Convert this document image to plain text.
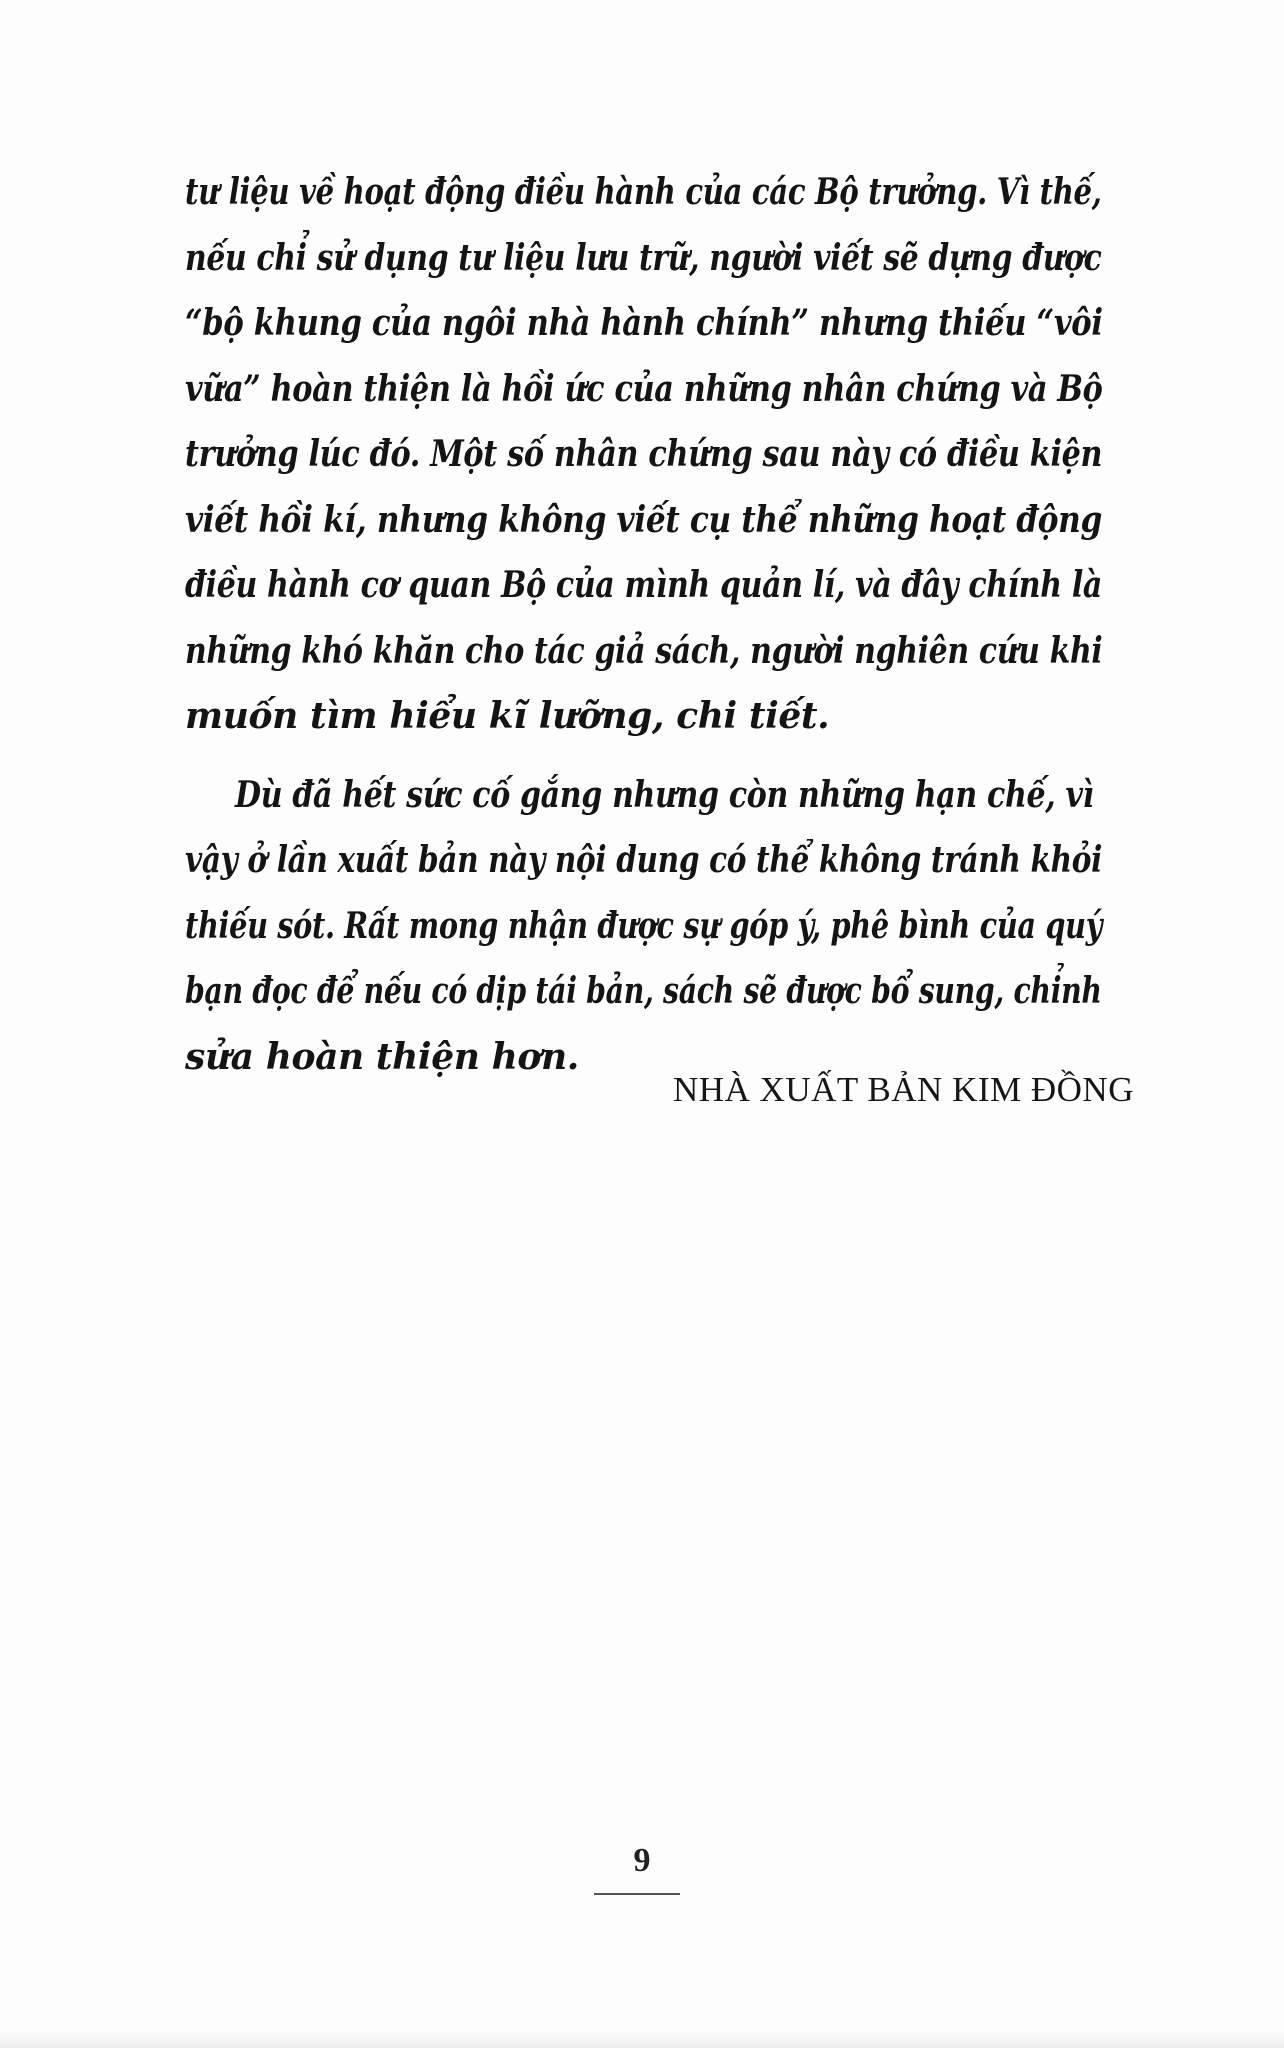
tư liệu về hoạt động điều hành của các Bộ trưởng. Vì thế,
nếu chỉ sử dụng tư liệu lưu trữ, người viết sẽ dựng được
“bộ khung của ngôi nhà hành chính” nhưng thiếu “vôi
vữa” hoàn thiện là hồi ức của những nhân chứng và Bộ
trưởng lúc đó. Một số nhân chứng sau này có điều kiện
viết hồi kí, nhưng không viết cụ thể những hoạt động
điều hành cơ quan Bộ của mình quản lí, và đây chính là
những khó khăn cho tác giả sách, người nghiên cứu khi
muốn tìm hiểu kĩ lưỡng, chi tiết.

Dù đã hết sức cố gắng nhưng còn những hạn chế, vì
vậy ở lần xuất bản này nội dung có thể không tránh khỏi
thiếu sót. Rất mong nhận được sự góp ý, phê bình của quý
bạn đọc để nếu có dịp tái bản, sách sẽ được bổ sung, chỉnh
sửa hoàn thiện hơn.

NHÀ XUẤT BẢN KIM ĐỒNG
9
